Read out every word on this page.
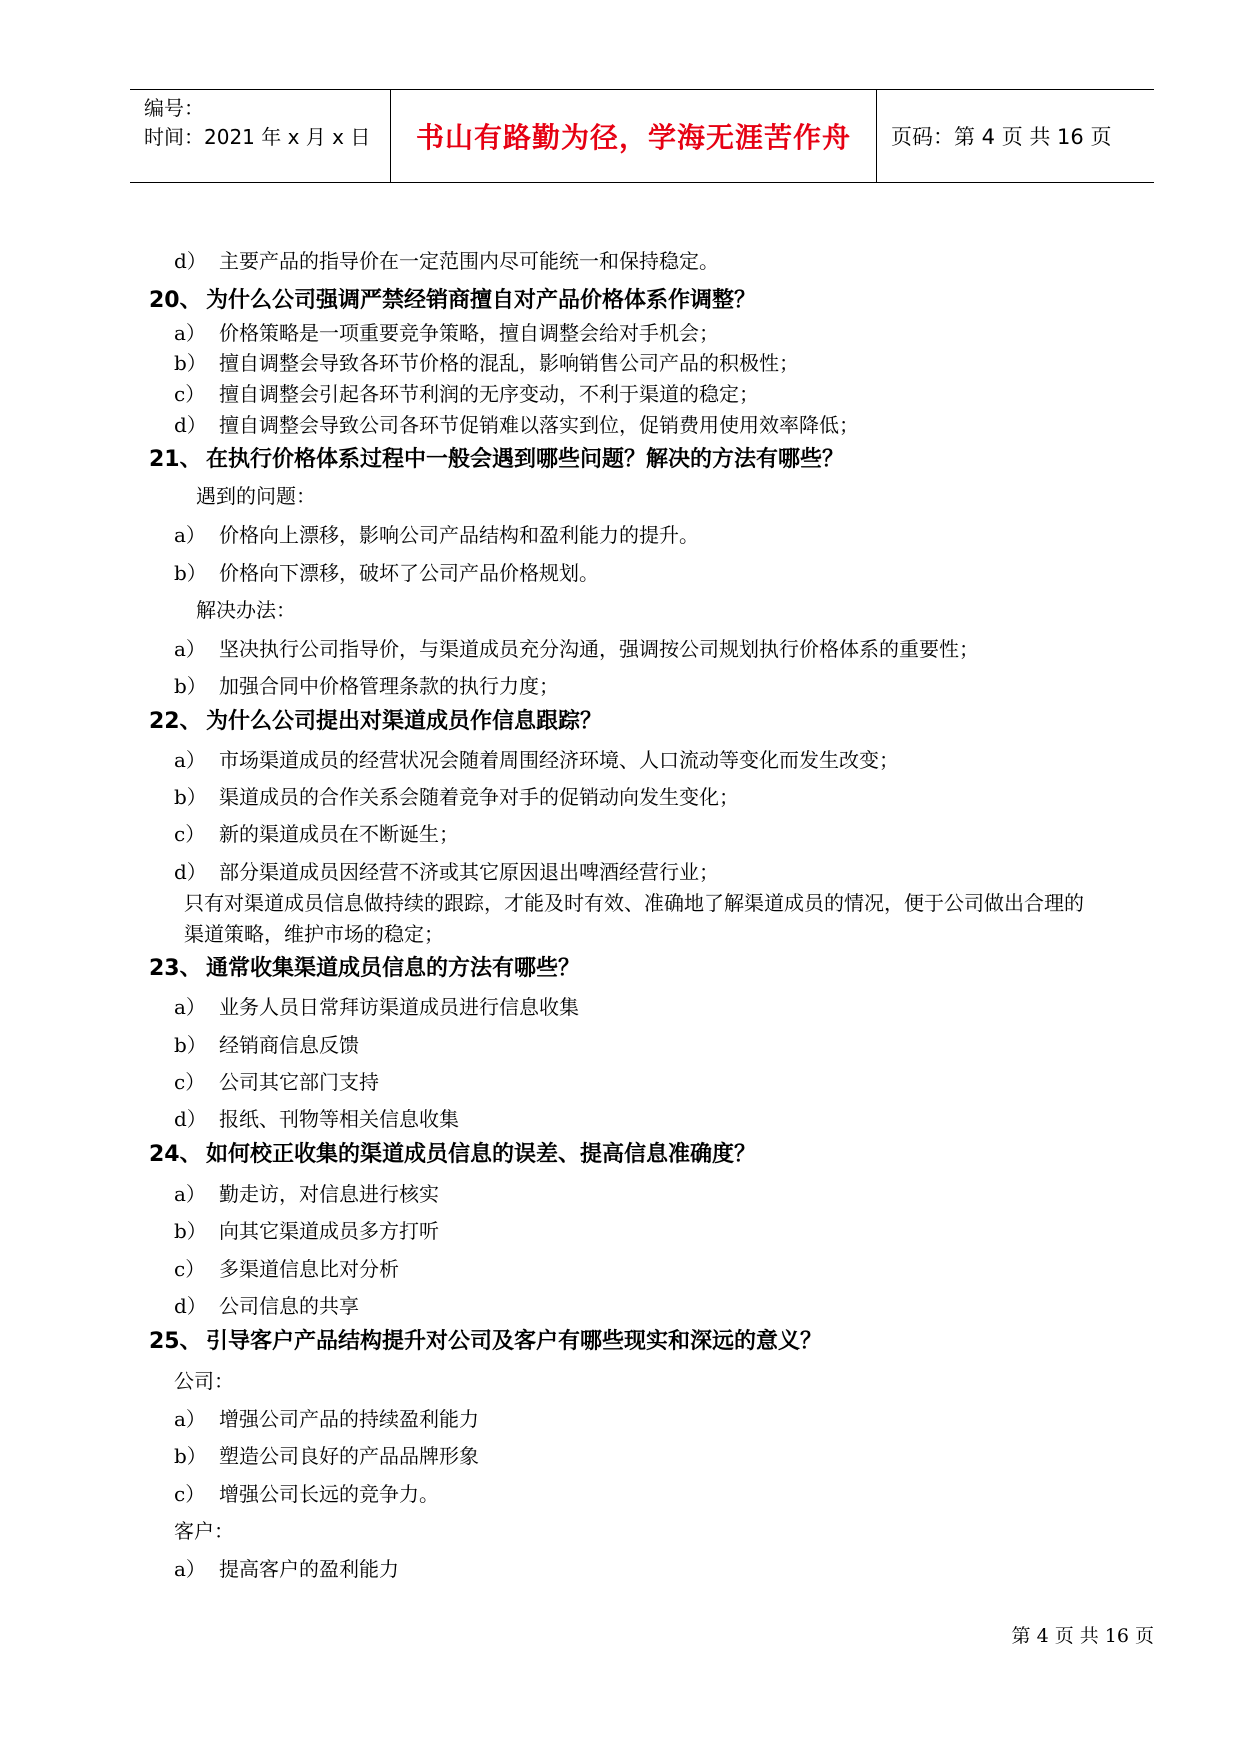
编号：
时间：2021 年 x 月 x 日	书山有路勤为径，学海无涯苦作舟	页码：第 4 页 共 16 页
d） 主要产品的指导价在一定范围内尽可能统一和保持稳定。
20、 为什么公司强调严禁经销商擅自对产品价格体系作调整？
a） 价格策略是一项重要竞争策略，擅自调整会给对手机会；
b） 擅自调整会导致各环节价格的混乱，影响销售公司产品的积极性；
c） 擅自调整会引起各环节利润的无序变动，不利于渠道的稳定；
d） 擅自调整会导致公司各环节促销难以落实到位，促销费用使用效率降低；
21、 在执行价格体系过程中一般会遇到哪些问题？解决的方法有哪些？
遇到的问题：
a） 价格向上漂移，影响公司产品结构和盈利能力的提升。
b） 价格向下漂移，破坏了公司产品价格规划。
解决办法：
a） 坚决执行公司指导价，与渠道成员充分沟通，强调按公司规划执行价格体系的重要性；
b） 加强合同中价格管理条款的执行力度；
22、 为什么公司提出对渠道成员作信息跟踪？
a） 市场渠道成员的经营状况会随着周围经济环境、人口流动等变化而发生改变；
b） 渠道成员的合作关系会随着竞争对手的促销动向发生变化；
c） 新的渠道成员在不断诞生；
d） 部分渠道成员因经营不济或其它原因退出啤酒经营行业；
只有对渠道成员信息做持续的跟踪，才能及时有效、准确地了解渠道成员的情况，便于公司做出合理的
渠道策略，维护市场的稳定；
23、 通常收集渠道成员信息的方法有哪些？
a） 业务人员日常拜访渠道成员进行信息收集
b） 经销商信息反馈
c） 公司其它部门支持
d） 报纸、刊物等相关信息收集
24、 如何校正收集的渠道成员信息的误差、提高信息准确度？
a） 勤走访，对信息进行核实
b） 向其它渠道成员多方打听
c） 多渠道信息比对分析
d） 公司信息的共享
25、 引导客户产品结构提升对公司及客户有哪些现实和深远的意义？
公司：
a） 增强公司产品的持续盈利能力
b） 塑造公司良好的产品品牌形象
c） 增强公司长远的竞争力。
客户：
a） 提高客户的盈利能力
第 4 页 共 16 页
